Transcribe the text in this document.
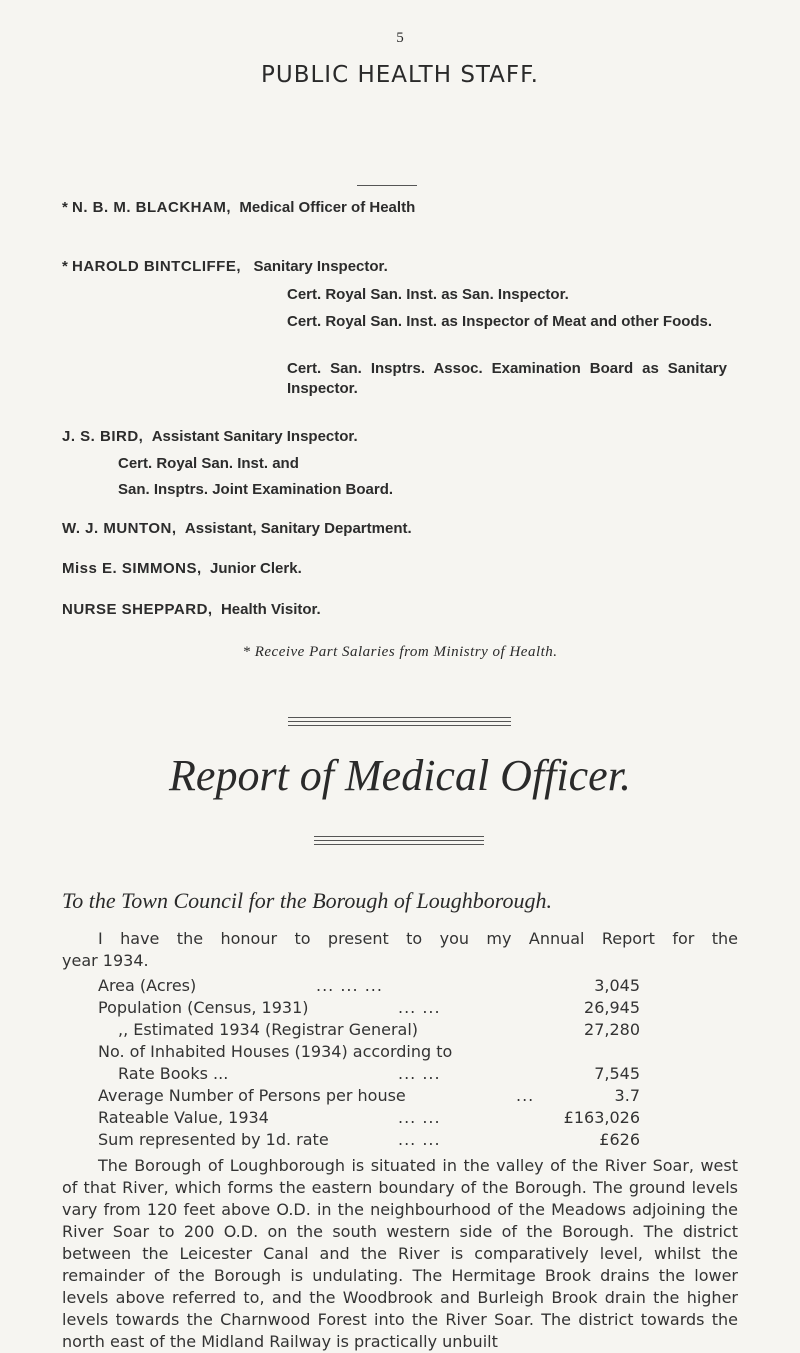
5
PUBLIC HEALTH STAFF.
* N. B. M. BLACKHAM, Medical Officer of Health
* HAROLD BINTCLIFFE, Sanitary Inspector.
Cert. Royal San. Inst. as San. Inspector.
Cert. Royal San. Inst. as Inspector of Meat and other Foods.
Cert. San. Insptrs. Assoc. Examination Board as Sanitary Inspector.
J. S. BIRD, Assistant Sanitary Inspector.
Cert. Royal San. Inst. and
San. Insptrs. Joint Examination Board.
W. J. MUNTON, Assistant, Sanitary Department.
Miss E. SIMMONS, Junior Clerk.
NURSE SHEPPARD, Health Visitor.
* Receive Part Salaries from Ministry of Health.
Report of Medical Officer.
To the Town Council for the Borough of Loughborough.
I have the honour to present to you my Annual Report for the
year 1934.
Area (Acres)	... ... ...	3,045
Population (Census, 1931)	... ...	26,945
,, Estimated 1934 (Registrar General)	27,280
No. of Inhabited Houses (1934) according to
Rate Books ...	... ...	7,545
Average Number of Persons per house	...	3.7
Rateable Value, 1934	... ...	£163,026
Sum represented by 1d. rate	... ...	£626
The Borough of Loughborough is situated in the valley of the River Soar, west of that River, which forms the eastern boundary of the Borough. The ground levels vary from 120 feet above O.D. in the neighbourhood of the Meadows adjoining the River Soar to 200 O.D. on the south western side of the Borough. The district between the Leicester Canal and the River is comparatively level, whilst the remainder of the Borough is undulating. The Hermitage Brook drains the lower levels above referred to, and the Woodbrook and Burleigh Brook drain the higher levels towards the Charnwood Forest into the River Soar. The district towards the north east of the Midland Railway is practically unbuilt
